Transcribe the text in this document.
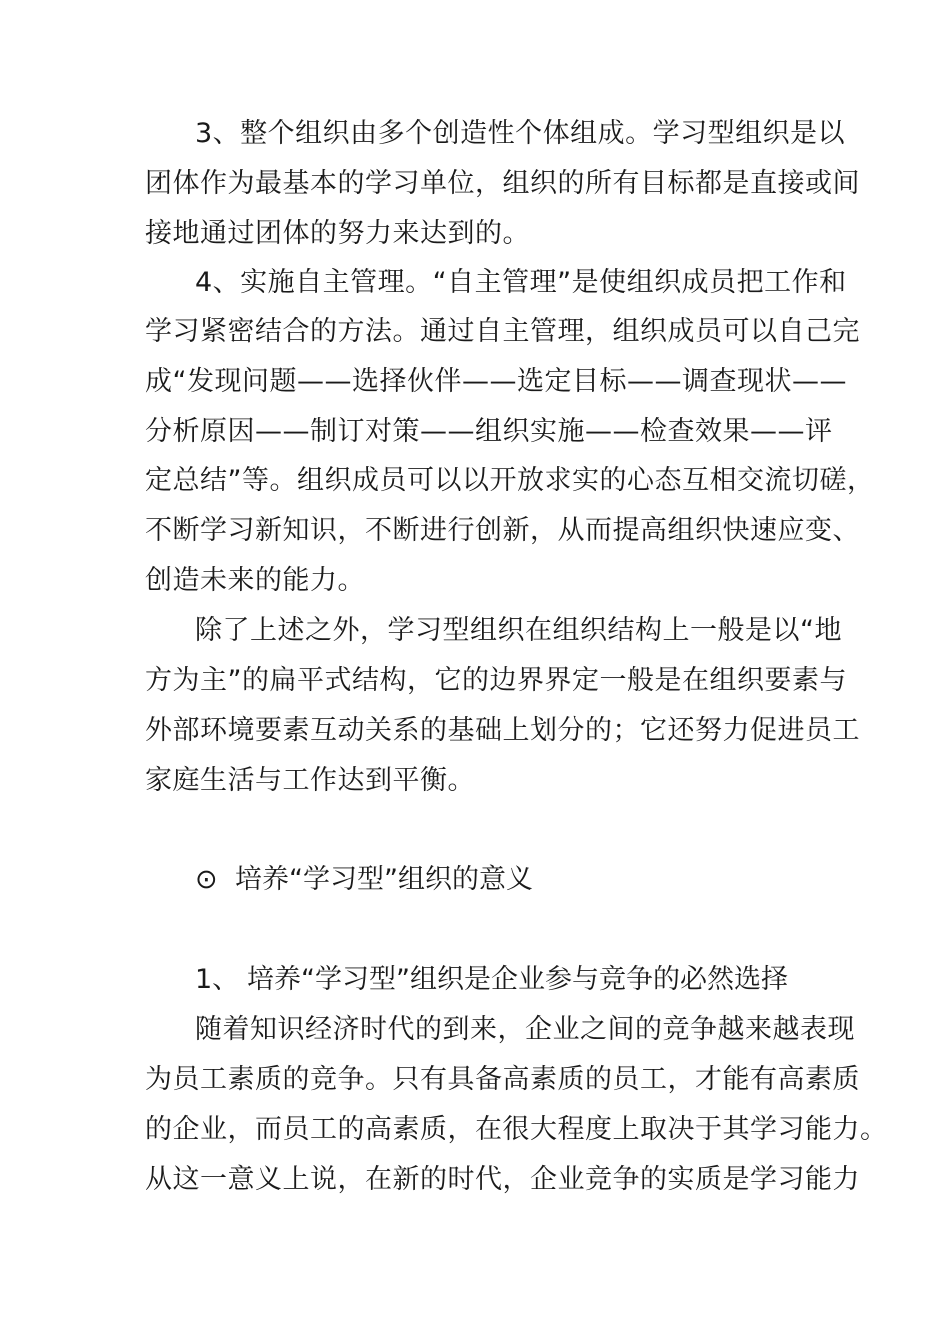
3、整个组织由多个创造性个体组成。学习型组织是以
团体作为最基本的学习单位，组织的所有目标都是直接或间
接地通过团体的努力来达到的。
4、实施自主管理。“自主管理”是使组织成员把工作和
学习紧密结合的方法。通过自主管理，组织成员可以自己完
成“发现问题——选择伙伴——选定目标——调查现状——
分析原因——制订对策——组织实施——检查效果——评
定总结”等。组织成员可以以开放求实的心态互相交流切磋，
不断学习新知识，不断进行创新，从而提高组织快速应变、
创造未来的能力。
除了上述之外，学习型组织在组织结构上一般是以“地
方为主”的扁平式结构，它的边界界定一般是在组织要素与
外部环境要素互动关系的基础上划分的；它还努力促进员工
家庭生活与工作达到平衡。
⊙ 培养“学习型”组织的意义
1、 培养“学习型”组织是企业参与竞争的必然选择
随着知识经济时代的到来，企业之间的竞争越来越表现
为员工素质的竞争。只有具备高素质的员工，才能有高素质
的企业，而员工的高素质，在很大程度上取决于其学习能力。
从这一意义上说，在新的时代，企业竞争的实质是学习能力
